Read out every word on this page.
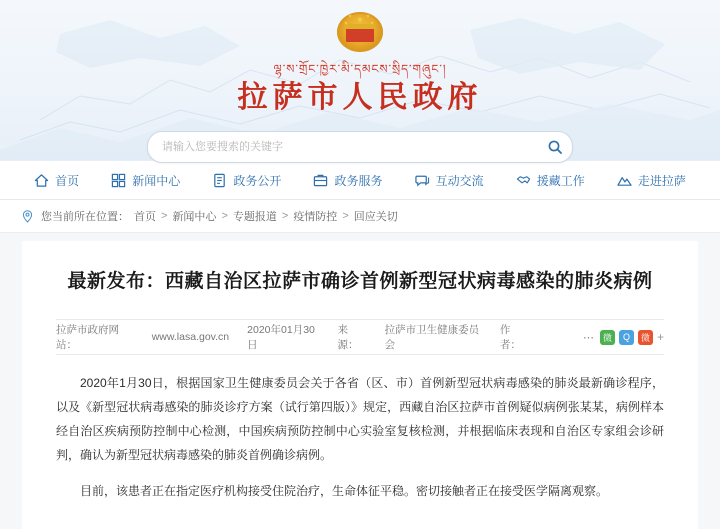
ལྷ་ས་གྲོང་ཁྱེར་མི་དམངས་སྲིད་གཞུང་།
拉萨市人民政府
请输入您要搜索的关键字
首页	新闻中心	政务公开	政务服务	互动交流	援藏工作	走进拉萨
您当前所在位置： 首页 > 新闻中心 > 专题报道 > 疫情防控 > 回应关切
最新发布：西藏自治区拉萨市确诊首例新型冠状病毒感染的肺炎病例
拉萨市政府网站：
www.lasa.gov.cn
2020年01月30日
来源：
拉萨市卫生健康委员会
作者：
⋯ 微	Q	微 +

2020年1月30日，根据国家卫生健康委员会关于各省（区、市）首例新型冠状病毒感染的肺炎最新确诊程序，以及《新型冠状病毒感染的肺炎诊疗方案（试行第四版）》规定，西藏自治区拉萨市首例疑似病例张某某，病例样本经自治区疾病预防控制中心检测，中国疾病预防控制中心实验室复核检测，并根据临床表现和自治区专家组会诊研判，确认为新型冠状病毒感染的肺炎首例确诊病例。

目前，该患者正在指定医疗机构接受住院治疗，生命体征平稳。密切接触者正在接受医学隔离观察。
